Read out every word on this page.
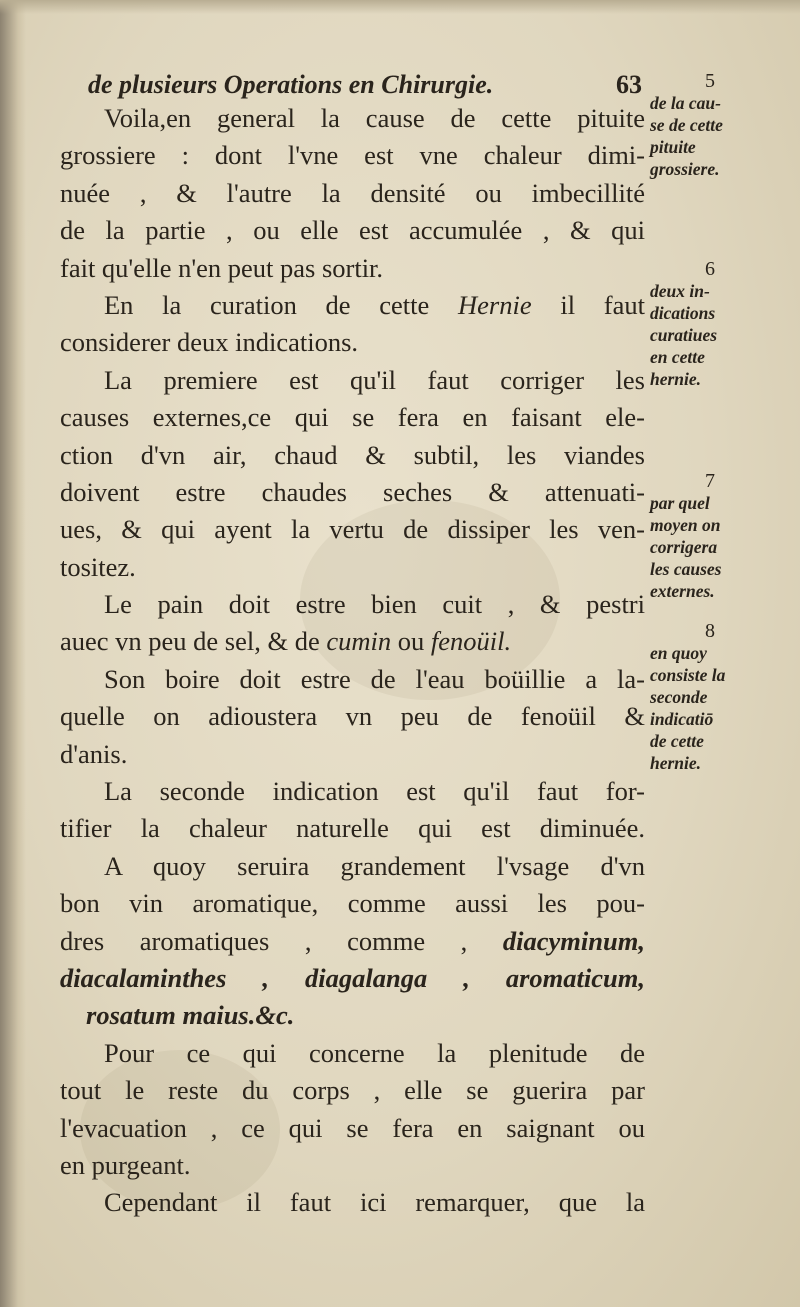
de plusieurs Operations en Chirurgie.	63
Voila,en general la cause de cette pituite
grossiere : dont l'vne est vne chaleur dimi-
nuée , & l'autre la densité ou imbecillité
de la partie , ou elle est accumulée , & qui
fait qu'elle n'en peut pas sortir.
En la curation de cette Hernie il faut
considerer deux indications.
La premiere est qu'il faut corriger les
causes externes,ce qui se fera en faisant ele-
ction d'vn air, chaud & subtil, les viandes
doivent estre chaudes seches & attenuati-
ues, & qui ayent la vertu de dissiper les ven-
tositez.
Le pain doit estre bien cuit , & pestri
auec vn peu de sel, & de cumin ou fenoüil.
Son boire doit estre de l'eau boüillie a la-
quelle on adioustera vn peu de fenoüil &
d'anis.
La seconde indication est qu'il faut for-
tifier la chaleur naturelle qui est diminuée.
A quoy seruira grandement l'vsage d'vn
bon vin aromatique, comme aussi les pou-
dres aromatiques , comme , diacyminum,
diacalaminthes , diagalanga , aromaticum,
rosatum maius.&c.
Pour ce qui concerne la plenitude de
tout le reste du corps , elle se guerira par
l'evacuation , ce qui se fera en saignant ou
en purgeant.
Cependant il faut ici remarquer, que la
5
de la cau-
se de cette
pituite
grossiere.
6
deux in-
dications
curatiues
en cette
hernie.
7
par quel
moyen on
corrigera
les causes
externes.
8
en quoy
consiste la
seconde
indicatiō
de cette
hernie.
